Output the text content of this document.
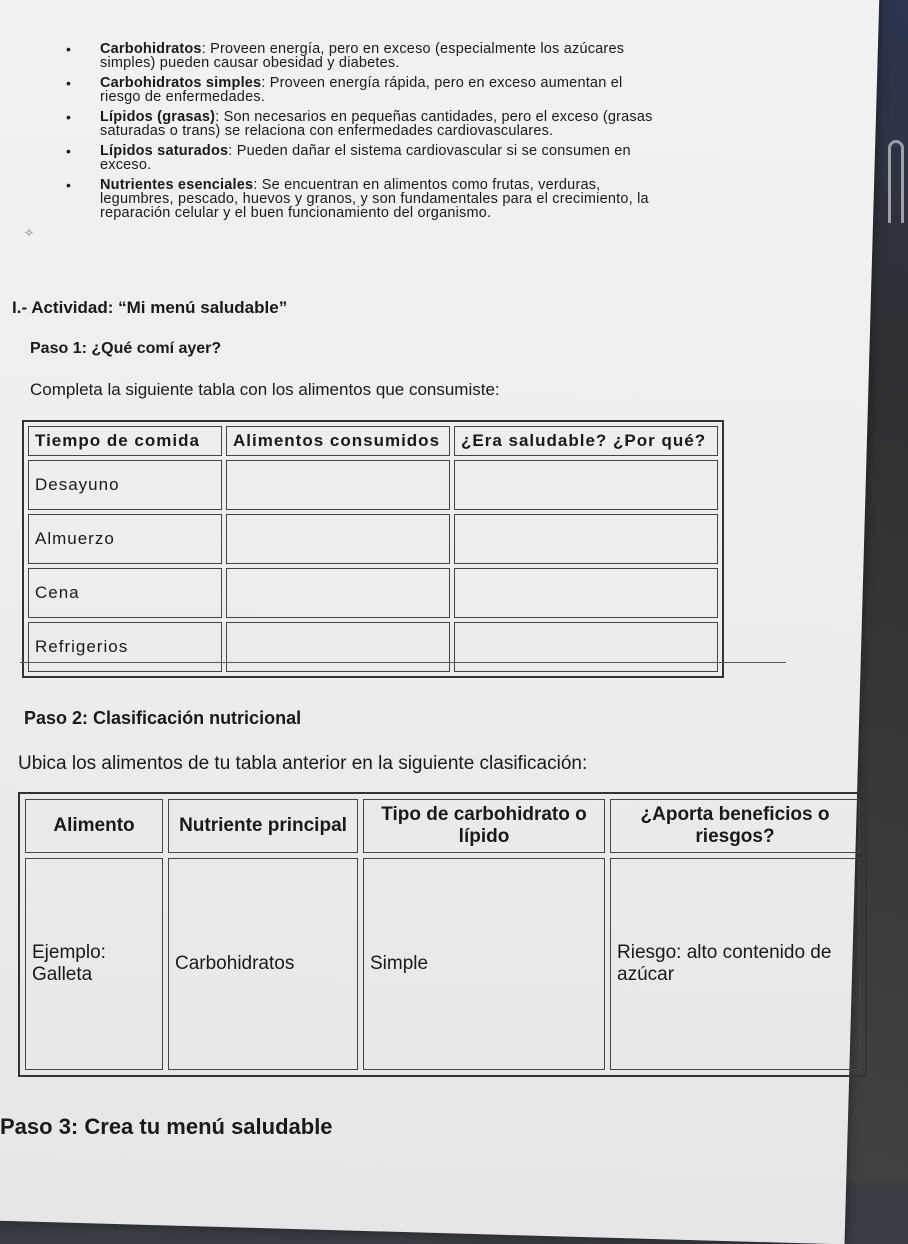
• Carbohidratos: Proveen energía, pero en exceso (especialmente los azúcares simples) pueden causar obesidad y diabetes.
• Carbohidratos simples: Proveen energía rápida, pero en exceso aumentan el riesgo de enfermedades.
• Lípidos (grasas): Son necesarios en pequeñas cantidades, pero el exceso (grasas saturadas o trans) se relaciona con enfermedades cardiovasculares.
• Lípidos saturados: Pueden dañar el sistema cardiovascular si se consumen en exceso.
• Nutrientes esenciales: Se encuentran en alimentos como frutas, verduras, legumbres, pescado, huevos y granos, y son fundamentales para el crecimiento, la reparación celular y el buen funcionamiento del organismo.
✧
I.- Actividad: “Mi menú saludable”
Paso 1: ¿Qué comí ayer?
Completa la siguiente tabla con los alimentos que consumiste:
Tiempo de comida	Alimentos consumidos	¿Era saludable? ¿Por qué?
Desayuno		
Almuerzo		
Cena		
Refrigerios		
Paso 2: Clasificación nutricional
Ubica los alimentos de tu tabla anterior en la siguiente clasificación:
Alimento	Nutriente principal	Tipo de carbohidrato o lípido	¿Aporta beneficios o riesgos?
Ejemplo: Galleta	Carbohidratos	Simple	Riesgo: alto contenido de azúcar
Paso 3: Crea tu menú saludable
